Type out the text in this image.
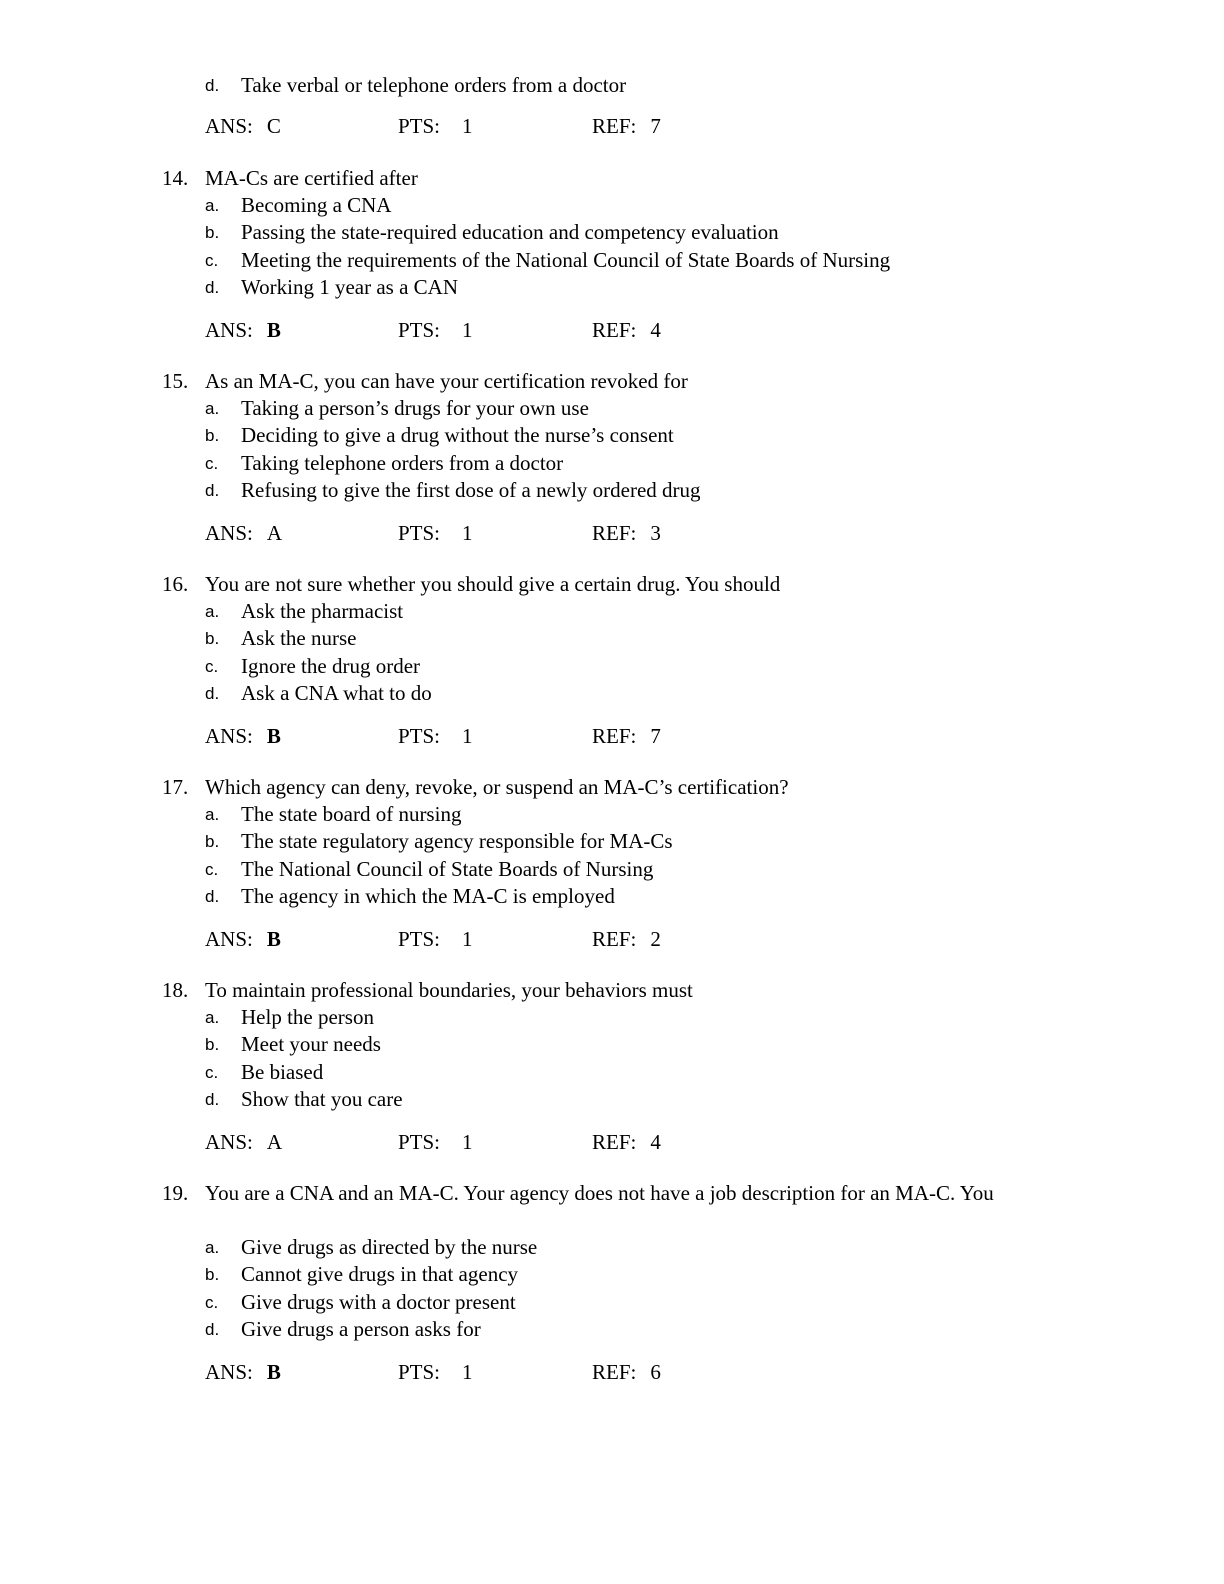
d. Take verbal or telephone orders from a doctor
ANS: C	PTS: 1	REF: 7
14. MA-Cs are certified after
a. Becoming a CNA
b. Passing the state-required education and competency evaluation
c. Meeting the requirements of the National Council of State Boards of Nursing
d. Working 1 year as a CAN
ANS: B	PTS: 1	REF: 4
15. As an MA-C, you can have your certification revoked for
a. Taking a person’s drugs for your own use
b. Deciding to give a drug without the nurse’s consent
c. Taking telephone orders from a doctor
d. Refusing to give the first dose of a newly ordered drug
ANS: A	PTS: 1	REF: 3
16. You are not sure whether you should give a certain drug. You should
a. Ask the pharmacist
b. Ask the nurse
c. Ignore the drug order
d. Ask a CNA what to do
ANS: B	PTS: 1	REF: 7
17. Which agency can deny, revoke, or suspend an MA-C’s certification?
a. The state board of nursing
b. The state regulatory agency responsible for MA-Cs
c. The National Council of State Boards of Nursing
d. The agency in which the MA-C is employed
ANS: B	PTS: 1	REF: 2
18. To maintain professional boundaries, your behaviors must
a. Help the person
b. Meet your needs
c. Be biased
d. Show that you care
ANS: A	PTS: 1	REF: 4
19. You are a CNA and an MA-C. Your agency does not have a job description for an MA-C. You
a. Give drugs as directed by the nurse
b. Cannot give drugs in that agency
c. Give drugs with a doctor present
d. Give drugs a person asks for
ANS: B	PTS: 1	REF: 6
